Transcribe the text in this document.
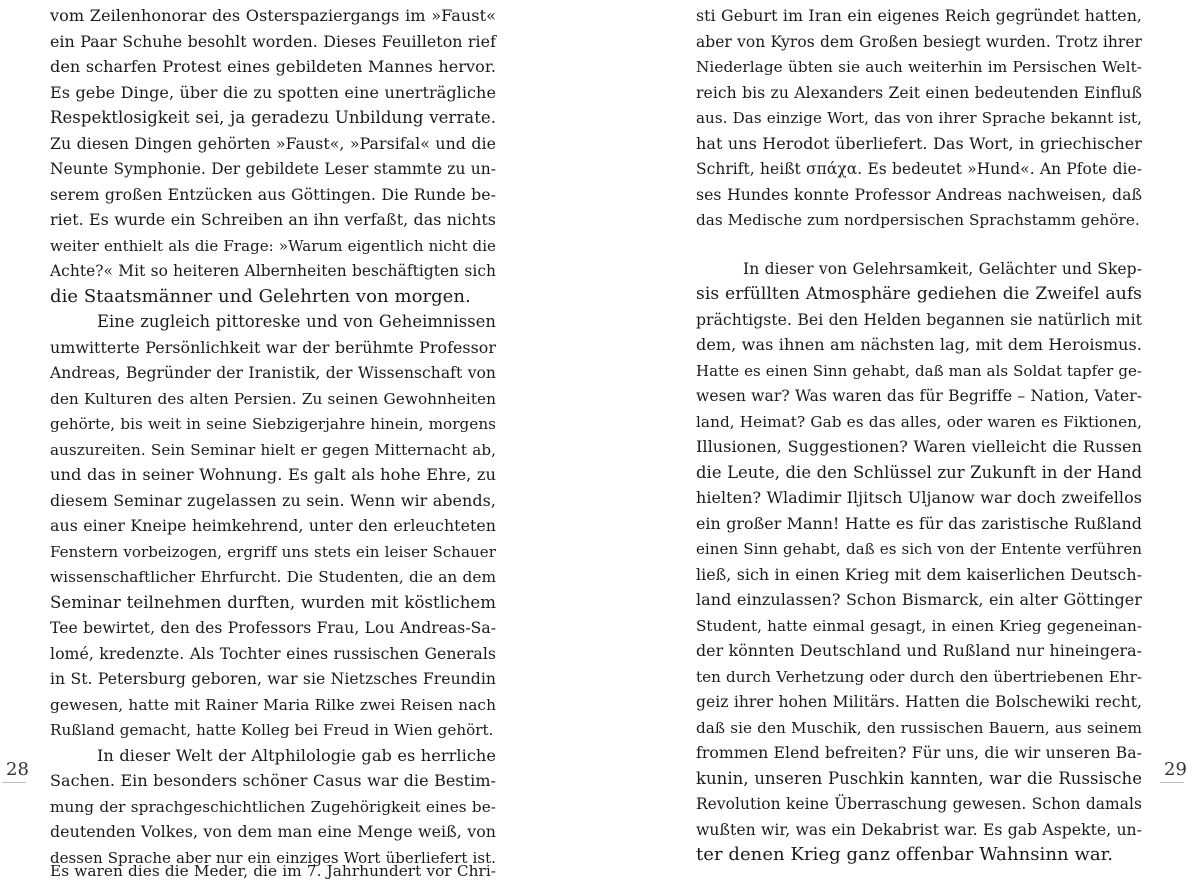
vom Zeilenhonorar des Osterspaziergangs im »Faust«
ein Paar Schuhe besohlt worden. Dieses Feuilleton rief
den scharfen Protest eines gebildeten Mannes hervor.
Es gebe Dinge, über die zu spotten eine unerträgliche
Respektlosigkeit sei, ja geradezu Unbildung verrate.
Zu diesen Dingen gehörten »Faust«, »Parsifal« und die
Neunte Symphonie. Der gebildete Leser stammte zu un-
serem großen Entzücken aus Göttingen. Die Runde be-
riet. Es wurde ein Schreiben an ihn verfaßt, das nichts
weiter enthielt als die Frage: »Warum eigentlich nicht die
Achte?« Mit so heiteren Albernheiten beschäftigten sich
die Staatsmänner und Gelehrten von morgen.
Eine zugleich pittoreske und von Geheimnissen
umwitterte Persönlichkeit war der berühmte Professor
Andreas, Begründer der Iranistik, der Wissenschaft von
den Kulturen des alten Persien. Zu seinen Gewohnheiten
gehörte, bis weit in seine Siebzigerjahre hinein, morgens
auszureiten. Sein Seminar hielt er gegen Mitternacht ab,
und das in seiner Wohnung. Es galt als hohe Ehre, zu
diesem Seminar zugelassen zu sein. Wenn wir abends,
aus einer Kneipe heimkehrend, unter den erleuchteten
Fenstern vorbeizogen, ergriff uns stets ein leiser Schauer
wissenschaftlicher Ehrfurcht. Die Studenten, die an dem
Seminar teilnehmen durften, wurden mit köstlichem
Tee bewirtet, den des Professors Frau, Lou Andreas-Sa-
lomé, kredenzte. Als Tochter eines russischen Generals
in St. Petersburg geboren, war sie Nietzsches Freundin
gewesen, hatte mit Rainer Maria Rilke zwei Reisen nach
Rußland gemacht, hatte Kolleg bei Freud in Wien gehört.
In dieser Welt der Altphilologie gab es herrliche
Sachen. Ein besonders schöner Casus war die Bestim-
mung der sprachgeschichtlichen Zugehörigkeit eines be-
deutenden Volkes, von dem man eine Menge weiß, von
dessen Sprache aber nur ein einziges Wort überliefert ist.
Es waren dies die Meder, die im 7. Jahrhundert vor Chri-
sti Geburt im Iran ein eigenes Reich gegründet hatten,
aber von Kyros dem Großen besiegt wurden. Trotz ihrer
Niederlage übten sie auch weiterhin im Persischen Welt-
reich bis zu Alexanders Zeit einen bedeutenden Einfluß
aus. Das einzige Wort, das von ihrer Sprache bekannt ist,
hat uns Herodot überliefert. Das Wort, in griechischer
Schrift, heißt σπάχα. Es bedeutet »Hund«. An Pfote die-
ses Hundes konnte Professor Andreas nachweisen, daß
das Medische zum nordpersischen Sprachstamm gehöre.
In dieser von Gelehrsamkeit, Gelächter und Skep-
sis erfüllten Atmosphäre gediehen die Zweifel aufs
prächtigste. Bei den Helden begannen sie natürlich mit
dem, was ihnen am nächsten lag, mit dem Heroismus.
Hatte es einen Sinn gehabt, daß man als Soldat tapfer ge-
wesen war? Was waren das für Begriffe – Nation, Vater-
land, Heimat? Gab es das alles, oder waren es Fiktionen,
Illusionen, Suggestionen? Waren vielleicht die Russen
die Leute, die den Schlüssel zur Zukunft in der Hand
hielten? Wladimir Iljitsch Uljanow war doch zweifellos
ein großer Mann! Hatte es für das zaristische Rußland
einen Sinn gehabt, daß es sich von der Entente verführen
ließ, sich in einen Krieg mit dem kaiserlichen Deutsch-
land einzulassen? Schon Bismarck, ein alter Göttinger
Student, hatte einmal gesagt, in einen Krieg gegeneinan-
der könnten Deutschland und Rußland nur hineingera-
ten durch Verhetzung oder durch den übertriebenen Ehr-
geiz ihrer hohen Militärs. Hatten die Bolschewiki recht,
daß sie den Muschik, den russischen Bauern, aus seinem
frommen Elend befreiten? Für uns, die wir unseren Ba-
kunin, unseren Puschkin kannten, war die Russische
Revolution keine Überraschung gewesen. Schon damals
wußten wir, was ein Dekabrist war. Es gab Aspekte, un-
ter denen Krieg ganz offenbar Wahnsinn war.
28	29
